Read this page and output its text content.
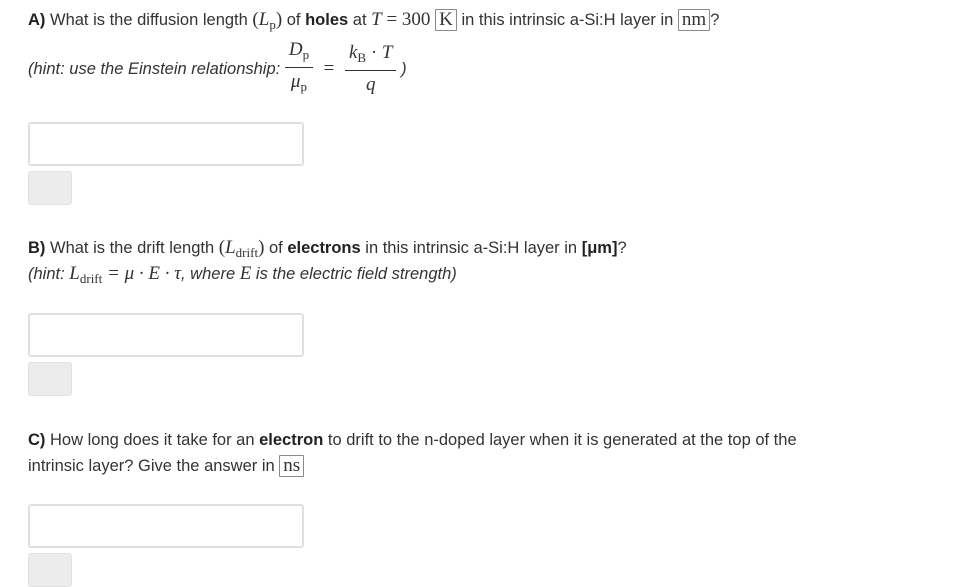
A) What is the diffusion length $(L_p)$ of holes at T = 300 K in this intrinsic a-Si:H layer in nm ?
(hint: use the Einstein relationship: $\frac{D_p}{\mu_p} = \frac{k_B \cdot T}{q}$ )
B) What is the drift length $(L_{drift})$ of electrons in this intrinsic a-Si:H layer in [μm]?
(hint: $L_{drift} = \mu \cdot E \cdot \tau$, where E is the electric field strength)
C) How long does it take for an electron to drift to the n-doped layer when it is generated at the top of the
intrinsic layer? Give the answer in ns
